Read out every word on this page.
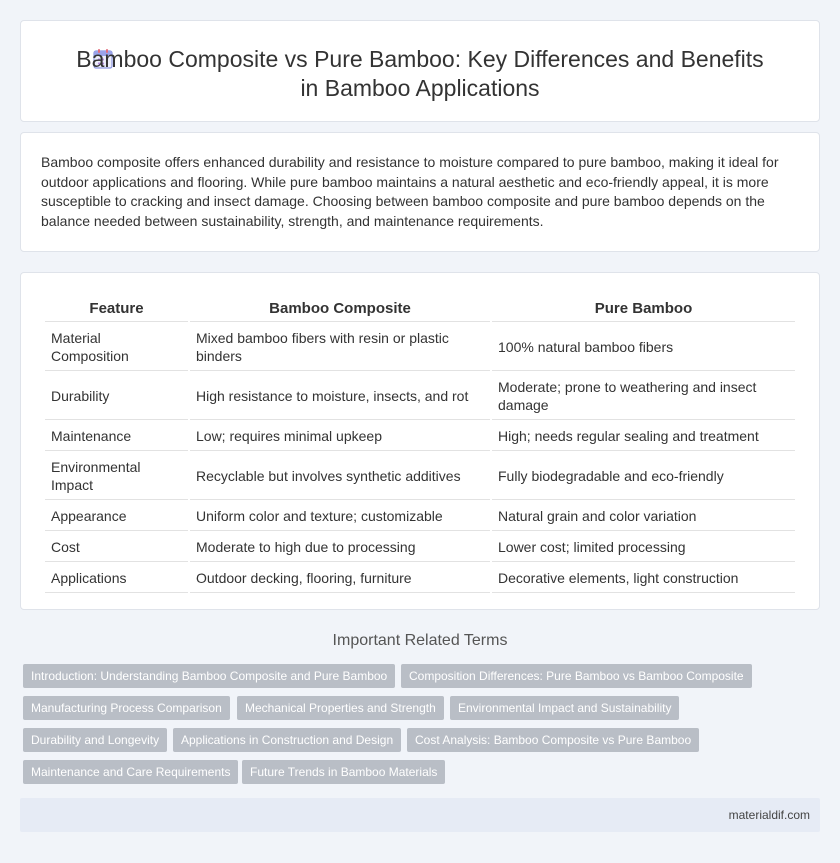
Bamboo Composite vs Pure Bamboo: Key Differences and Benefits in Bamboo Applications

Bamboo composite offers enhanced durability and resistance to moisture compared to pure bamboo, making it ideal for outdoor applications and flooring. While pure bamboo maintains a natural aesthetic and eco-friendly appeal, it is more susceptible to cracking and insect damage. Choosing between bamboo composite and pure bamboo depends on the balance needed between sustainability, strength, and maintenance requirements.

Feature	Bamboo Composite	Pure Bamboo
Material Composition	Mixed bamboo fibers with resin or plastic binders	100% natural bamboo fibers
Durability	High resistance to moisture, insects, and rot	Moderate; prone to weathering and insect damage
Maintenance	Low; requires minimal upkeep	High; needs regular sealing and treatment
Environmental Impact	Recyclable but involves synthetic additives	Fully biodegradable and eco-friendly
Appearance	Uniform color and texture; customizable	Natural grain and color variation
Cost	Moderate to high due to processing	Lower cost; limited processing
Applications	Outdoor decking, flooring, furniture	Decorative elements, light construction
Important Related Terms
Introduction: Understanding Bamboo Composite and Pure Bamboo	Composition Differences: Pure Bamboo vs Bamboo Composite
Manufacturing Process Comparison	Mechanical Properties and Strength	Environmental Impact and Sustainability
Durability and Longevity	Applications in Construction and Design	Cost Analysis: Bamboo Composite vs Pure Bamboo
Maintenance and Care Requirements	Future Trends in Bamboo Materials
materialdif.com
